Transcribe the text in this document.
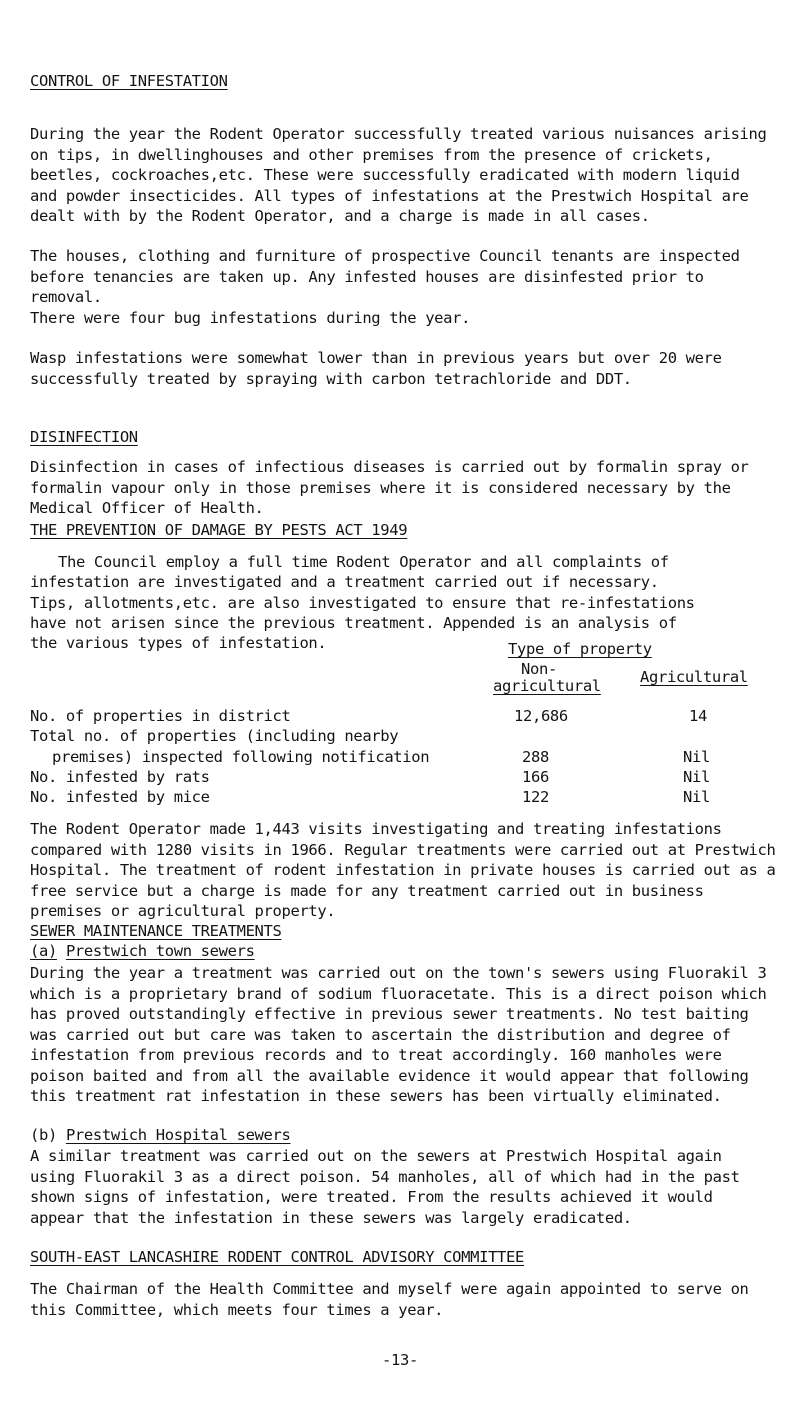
CONTROL OF INFESTATION

During the year the Rodent Operator successfully treated various nuisances arising on tips, in dwellinghouses and other premises from the presence of crickets, beetles, cockroaches,etc. These were successfully eradicated with modern liquid and powder insecticides. All types of infestations at the Prestwich Hospital are dealt with by the Rodent Operator, and a charge is made in all cases.

The houses, clothing and furniture of prospective Council tenants are inspected before tenancies are taken up. Any infested houses are disinfested prior to removal.

There were four bug infestations during the year.

Wasp infestations were somewhat lower than in previous years but over 20 were successfully treated by spraying with carbon tetrachloride and DDT.

DISINFECTION

Disinfection in cases of infectious diseases is carried out by formalin spray or formalin vapour only in those premises where it is considered necessary by the Medical Officer of Health.

THE PREVENTION OF DAMAGE BY PESTS ACT 1949
The Council employ a full time Rodent Operator and all complaints of
infestation are investigated and a treatment carried out if necessary.
Tips, allotments,etc. are also investigated to ensure that re-infestations
have not arisen since the previous treatment. Appended is an analysis of
the various types of infestation.	Type of property
Non-
agricultural	Agricultural
No. of properties in district	12,686	14
Total no. of properties (including nearby
premises) inspected following notification	288	Nil
No. infested by rats	166	Nil
No. infested by mice	122	Nil

The Rodent Operator made 1,443 visits investigating and treating infestations compared with 1280 visits in 1966. Regular treatments were carried out at Prestwich Hospital. The treatment of rodent infestation in private houses is carried out as a free service but a charge is made for any treatment carried out in business premises or agricultural property.

SEWER MAINTENANCE TREATMENTS
(a) Prestwich town sewers

During the year a treatment was carried out on the town's sewers using Fluorakil 3 which is a proprietary brand of sodium fluoracetate. This is a direct poison which has proved outstandingly effective in previous sewer treatments. No test baiting was carried out but care was taken to ascertain the distribution and degree of infestation from previous records and to treat accordingly. 160 manholes were poison baited and from all the available evidence it would appear that following this treatment rat infestation in these sewers has been virtually eliminated.

(b) Prestwich Hospital sewers

A similar treatment was carried out on the sewers at Prestwich Hospital again using Fluorakil 3 as a direct poison. 54 manholes, all of which had in the past shown signs of infestation, were treated. From the results achieved it would appear that the infestation in these sewers was largely eradicated.

SOUTH-EAST LANCASHIRE RODENT CONTROL ADVISORY COMMITTEE

The Chairman of the Health Committee and myself were again appointed to serve on this Committee, which meets four times a year.

-13-
